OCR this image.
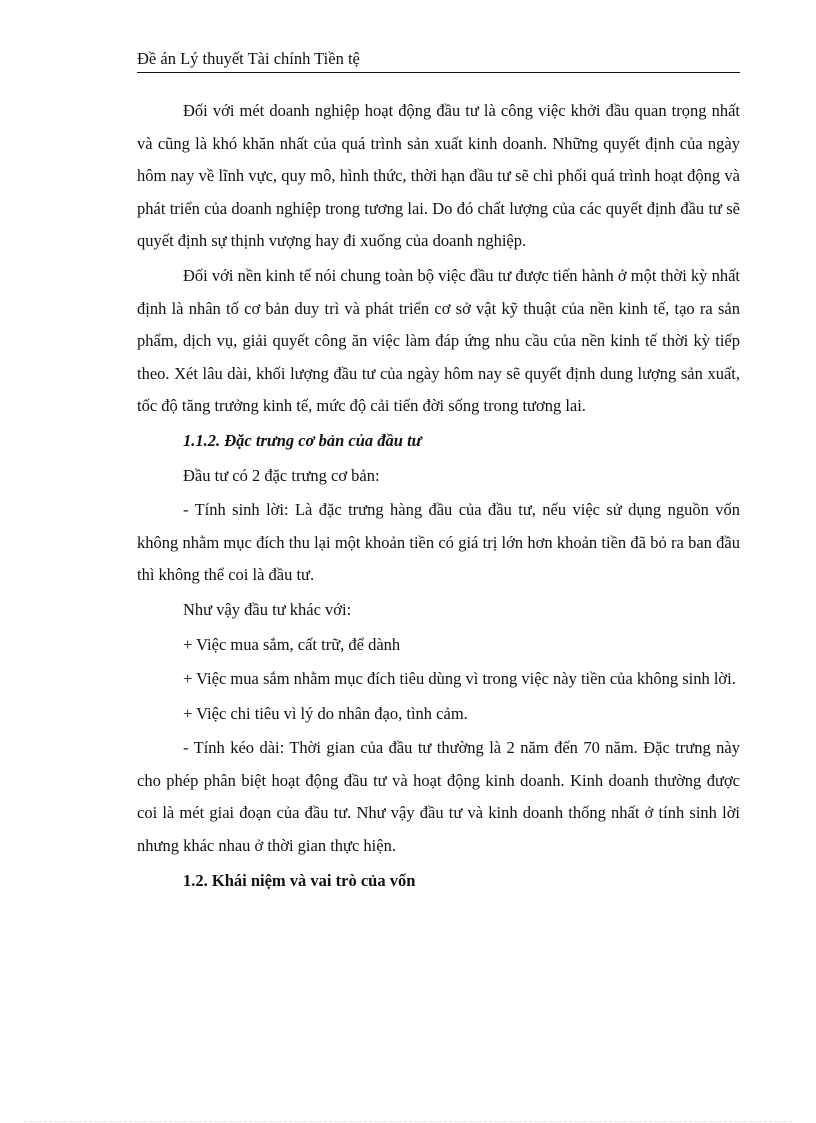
Đề án Lý thuyết Tài chính Tiền tệ

Đối với mét doanh nghiệp hoạt động đầu tư là công việc khởi đầu quan trọng nhất và cũng là khó khăn nhất của quá trình sản xuất kinh doanh. Những quyết định của ngày hôm nay về lĩnh vực, quy mô, hình thức, thời hạn đầu tư sẽ chi phối quá trình hoạt động và phát triển của doanh nghiệp trong tương lai. Do đó chất lượng của các quyết định đầu tư sẽ quyết định sự thịnh vượng hay đi xuống của doanh nghiệp.

Đối với nền kinh tế nói chung toàn bộ việc đầu tư được tiến hành ở một thời kỳ nhất định là nhân tố cơ bản duy trì và phát triển cơ sở vật kỹ thuật của nền kinh tế, tạo ra sản phẩm, dịch vụ, giải quyết công ăn việc làm đáp ứng nhu cầu của nền kinh tế thời kỳ tiếp theo. Xét lâu dài, khối lượng đầu tư của ngày hôm nay sẽ quyết định dung lượng sản xuất, tốc độ tăng trưởng kinh tế, mức độ cải tiến đời sống trong tương lai.

1.1.2. Đặc trưng cơ bản của đầu tư

Đầu tư có 2 đặc trưng cơ bản:

- Tính sinh lời: Là đặc trưng hàng đầu của đầu tư, nếu việc sử dụng nguồn vốn không nhằm mục đích thu lại một khoản tiền có giá trị lớn hơn khoản tiền đã bỏ ra ban đầu thì không thể coi là đầu tư.

Như vậy đầu tư khác với:

+ Việc mua sắm, cất trữ, để dành

+ Việc mua sắm nhằm mục đích tiêu dùng vì trong việc này tiền của không sinh lời.

+ Việc chi tiêu vì lý do nhân đạo, tình cảm.

- Tính kéo dài: Thời gian của đầu tư thường là 2 năm đến 70 năm. Đặc trưng này cho phép phân biệt hoạt động đầu tư và hoạt động kinh doanh. Kinh doanh thường được coi là mét giai đoạn của đầu tư. Như vậy đầu tư và kinh doanh thống nhất ở tính sinh lời nhưng khác nhau ở thời gian thực hiện.

1.2. Khái niệm và vai trò của vốn
